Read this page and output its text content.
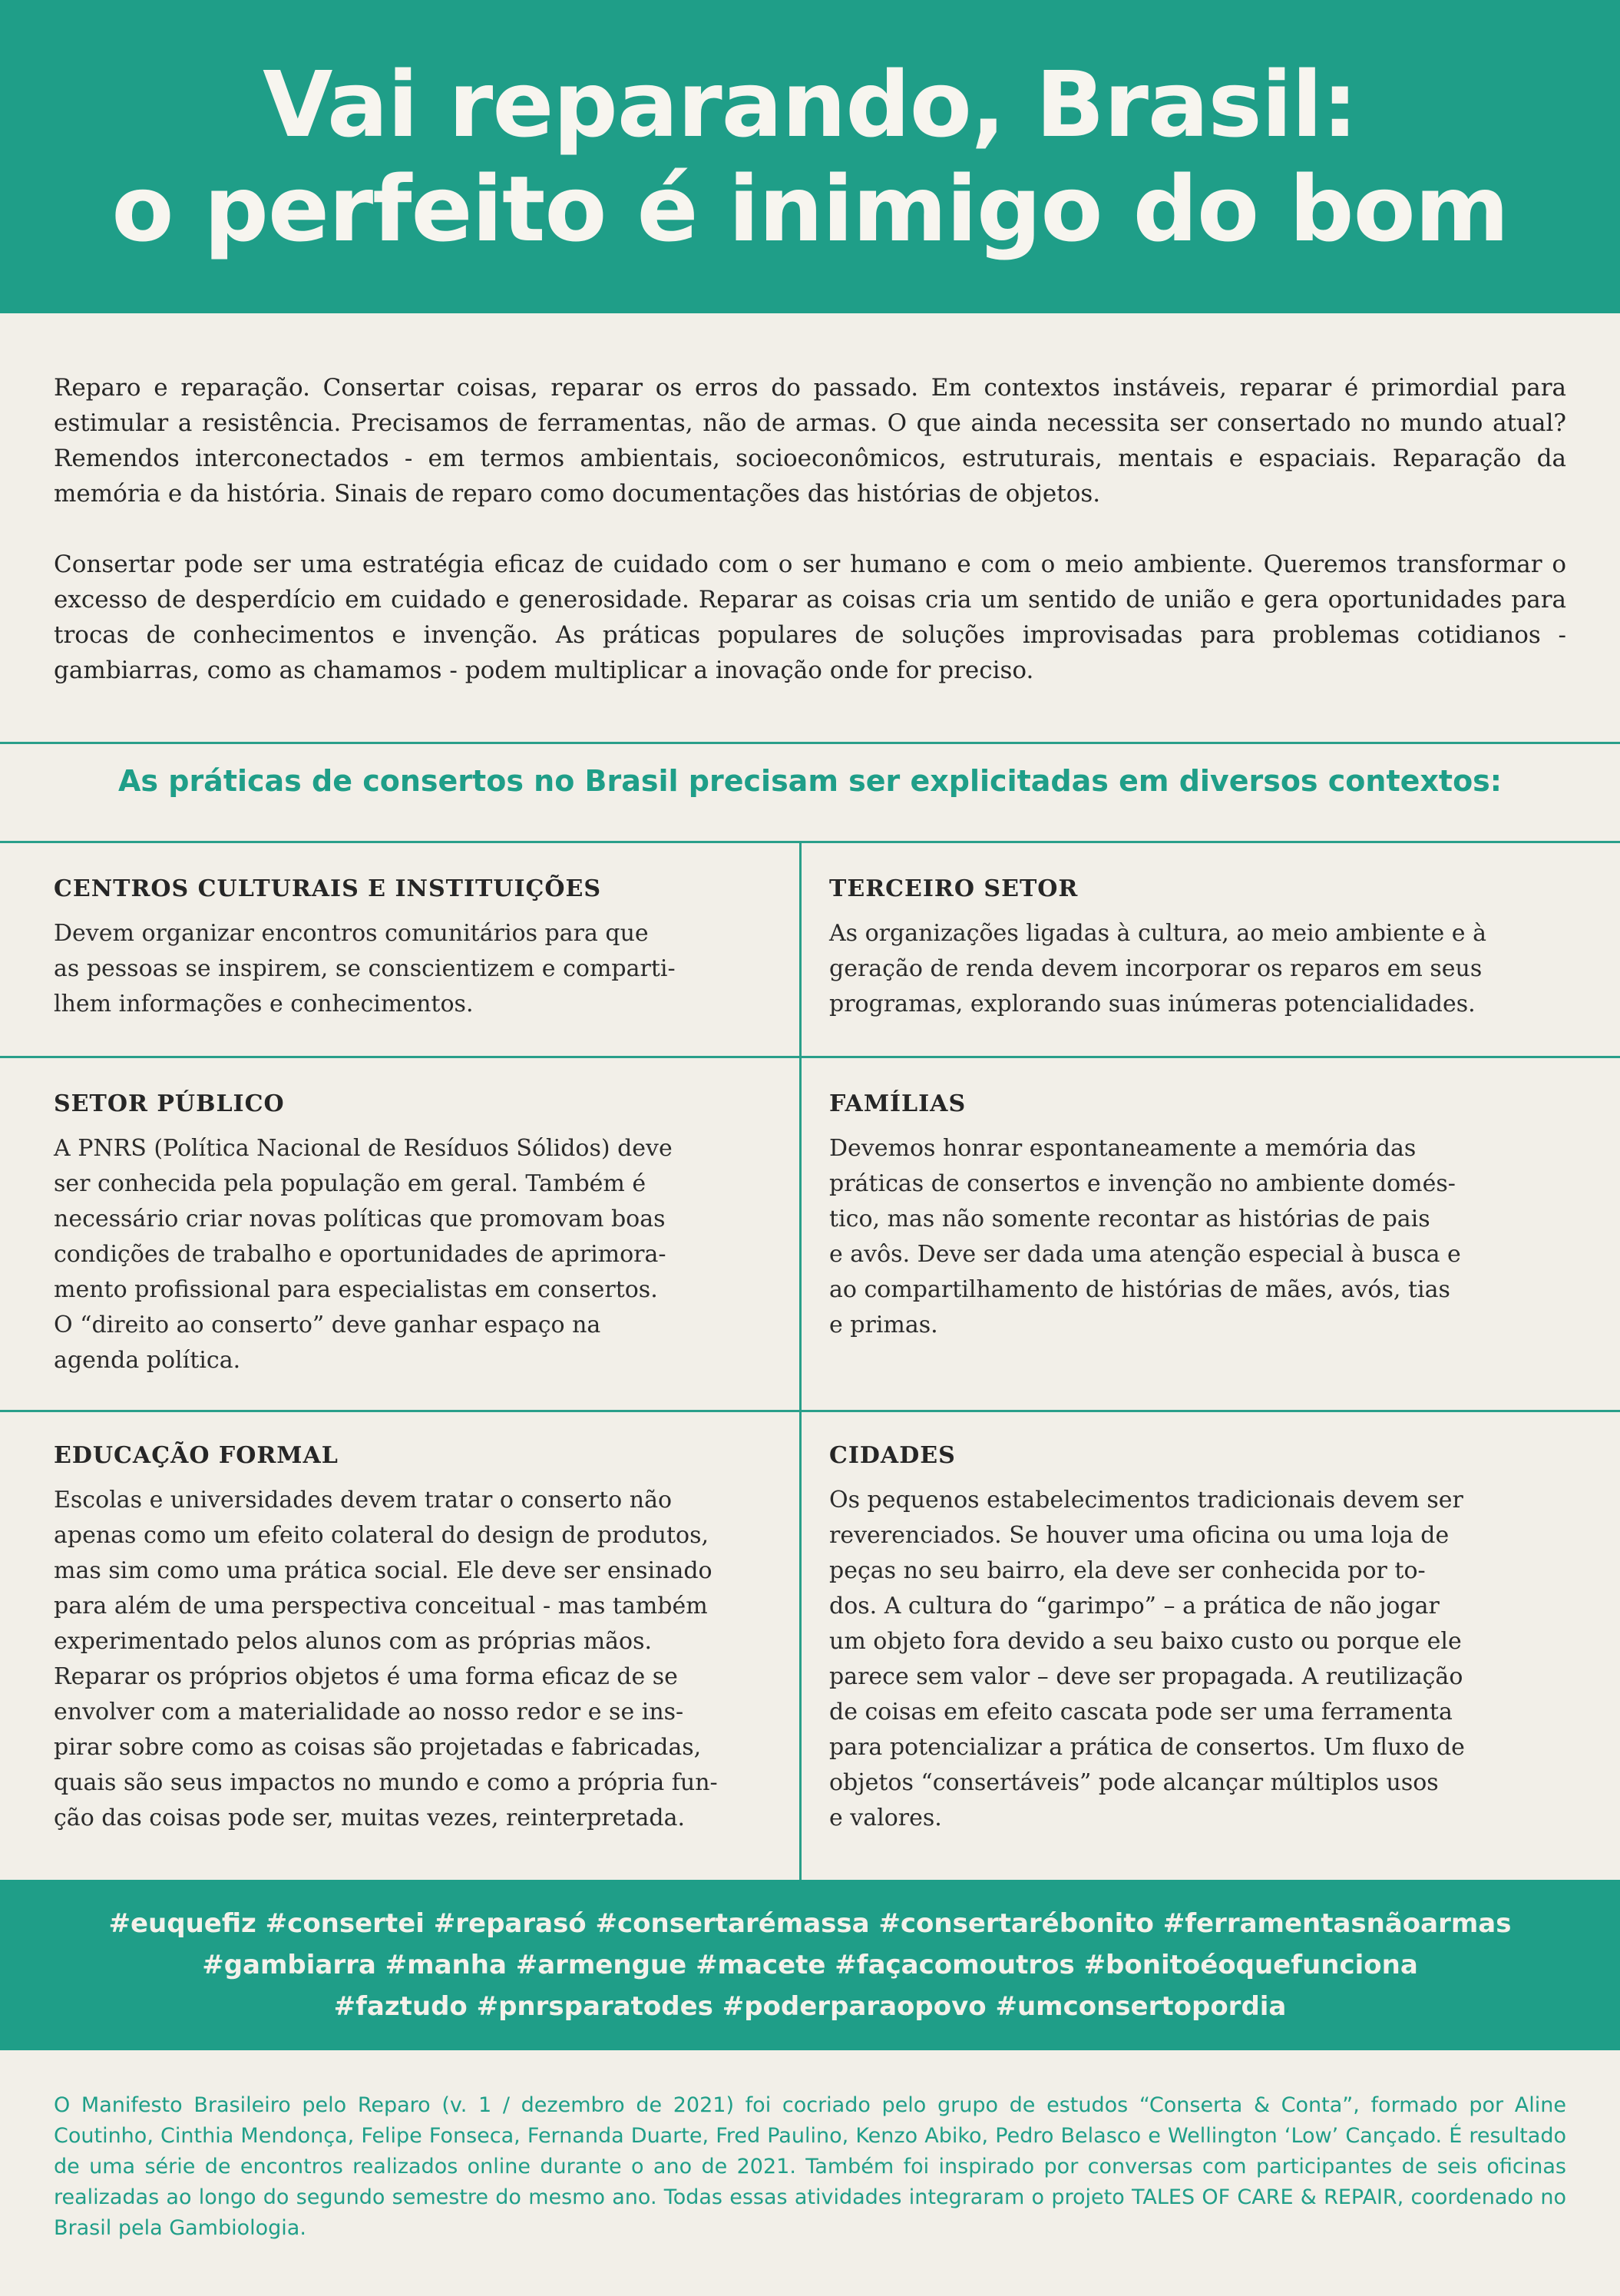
Vai reparando, Brasil:
o perfeito é inimigo do bom

Reparo e reparação. Consertar coisas, reparar os erros do passado. Em contextos instáveis, reparar é primordial para estimular a resistência. Precisamos de ferramentas, não de armas. O que ainda necessita ser consertado no mundo atual? Remendos interconectados - em termos ambientais, socioeconômicos, estruturais, mentais e espaciais. Reparação da memória e da história. Sinais de reparo como documentações das histórias de objetos.

Consertar pode ser uma estratégia eficaz de cuidado com o ser humano e com o meio ambiente. Queremos transformar o excesso de desperdício em cuidado e generosidade. Reparar as coisas cria um sentido de união e gera oportunidades para trocas de conhecimentos e invenção. As práticas populares de soluções improvisadas para problemas cotidianos - gambiarras, como as chamamos - podem multiplicar a inovação onde for preciso.

As práticas de consertos no Brasil precisam ser explicitadas em diversos contextos:
CENTROS CULTURAIS E INSTITUIÇÕES

Devem organizar encontros comunitários para que
as pessoas se inspirem, se conscientizem e comparti-
lhem informações e conhecimentos.

TERCEIRO SETOR

As organizações ligadas à cultura, ao meio ambiente e à
geração de renda devem incorporar os reparos em seus
programas, explorando suas inúmeras potencialidades.

SETOR PÚBLICO

A PNRS (Política Nacional de Resíduos Sólidos) deve
ser conhecida pela população em geral. Também é
necessário criar novas políticas que promovam boas
condições de trabalho e oportunidades de aprimora-
mento profissional para especialistas em consertos.
O “direito ao conserto” deve ganhar espaço na
agenda política.

FAMÍLIAS

Devemos honrar espontaneamente a memória das
práticas de consertos e invenção no ambiente domés-
tico, mas não somente recontar as histórias de pais
e avôs. Deve ser dada uma atenção especial à busca e
ao compartilhamento de histórias de mães, avós, tias
e primas.

EDUCAÇÃO FORMAL

Escolas e universidades devem tratar o conserto não
apenas como um efeito colateral do design de produtos,
mas sim como uma prática social. Ele deve ser ensinado
para além de uma perspectiva conceitual - mas também
experimentado pelos alunos com as próprias mãos.
Reparar os próprios objetos é uma forma eficaz de se
envolver com a materialidade ao nosso redor e se ins-
pirar sobre como as coisas são projetadas e fabricadas,
quais são seus impactos no mundo e como a própria fun-
ção das coisas pode ser, muitas vezes, reinterpretada.

CIDADES

Os pequenos estabelecimentos tradicionais devem ser
reverenciados. Se houver uma oficina ou uma loja de
peças no seu bairro, ela deve ser conhecida por to-
dos. A cultura do “garimpo” – a prática de não jogar
um objeto fora devido a seu baixo custo ou porque ele
parece sem valor – deve ser propagada. A reutilização
de coisas em efeito cascata pode ser uma ferramenta
para potencializar a prática de consertos. Um fluxo de
objetos “consertáveis” pode alcançar múltiplos usos
e valores.

#euquefiz #consertei #reparasó #consertarémassa #consertarébonito #ferramentasnãoarmas
#gambiarra #manha #armengue #macete #façacomoutros #bonitoéoquefunciona
#faztudo #pnrsparatodes #poderparaopovo #umconsertopordia
O Manifesto Brasileiro pelo Reparo (v. 1 / dezembro de 2021) foi cocriado pelo grupo de estudos “Conserta & Conta”, formado por Aline Coutinho, Cinthia Mendonça, Felipe Fonseca, Fernanda Duarte, Fred Paulino, Kenzo Abiko, Pedro Belasco e Wellington ‘Low’ Cançado. É resultado de uma série de encontros realizados online durante o ano de 2021. Também foi inspirado por conversas com participantes de seis oficinas realizadas ao longo do segundo semestre do mesmo ano. Todas essas atividades integraram o projeto TALES OF CARE & REPAIR, coordenado no Brasil pela Gambiologia.
